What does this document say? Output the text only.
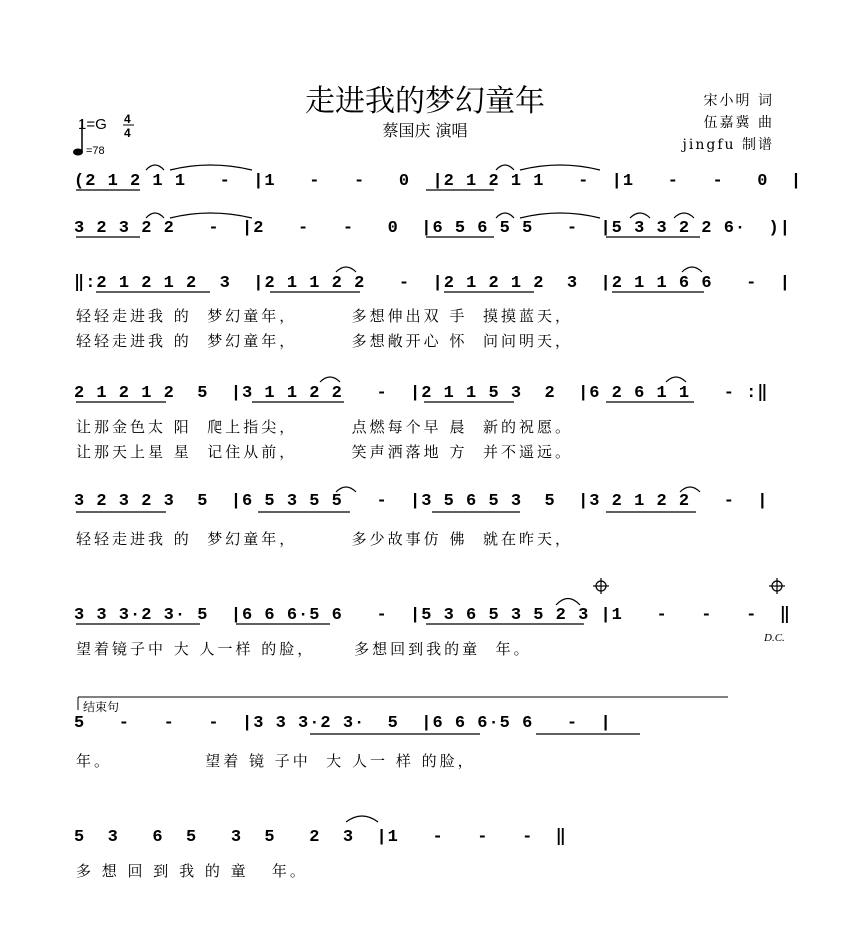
走进我的梦幻童年
蔡国庆 演唱
宋小明 词
伍嘉冀 曲
jingfu 制谱
1=G 4
4
=78
(2 1 2 1 1   -  |1   -   -   0  |2 1 2 1 1   -  |1   -   -   0  |
3 2 3 2 2   -  |2   -   -   0  |6 5 6 5 5   -  |5 3 3 2 2 6·  )|
‖:2 1 2 1 2  3  |2 1 1 2 2   -  |2 1 2 1 2  3  |2 1 1 6 6   -  |
轻轻走进我 的  梦幻童年，       多想伸出双 手  摸摸蓝天，
轻轻走进我 的  梦幻童年，       多想敞开心 怀  问问明天，
2 1 2 1 2  5  |3 1 1 2 2   -  |2 1 1 5 3  2  |6 2 6 1 1   - :‖
让那金色太 阳  爬上指尖，       点燃每个早 晨  新的祝愿。
让那天上星 星  记住从前，       笑声洒落地 方  并不遥远。
3 2 3 2 3  5  |6 5 3 5 5   -  |3 5 6 5 3  5  |3 2 1 2 2   -  |
轻轻走进我 的  梦幻童年，       多少故事仿 佛  就在昨天，
3 3 3·2 3· 5  |6 6 6·5 6   -  |5 3 6 5 3 5 2 3 |1   -   -   -  ‖
望着镜子中 大 人一样 的脸，     多想回到我的童  年。
D.C.
结束句
5   -   -   -  |3 3 3·2 3·  5  |6 6 6·5 6   -  |
年。            望着 镜 子中  大 人一 样 的脸，
5  3   6  5   3  5   2  3  |1   -   -   -  ‖
多 想 回 到 我 的 童   年。
